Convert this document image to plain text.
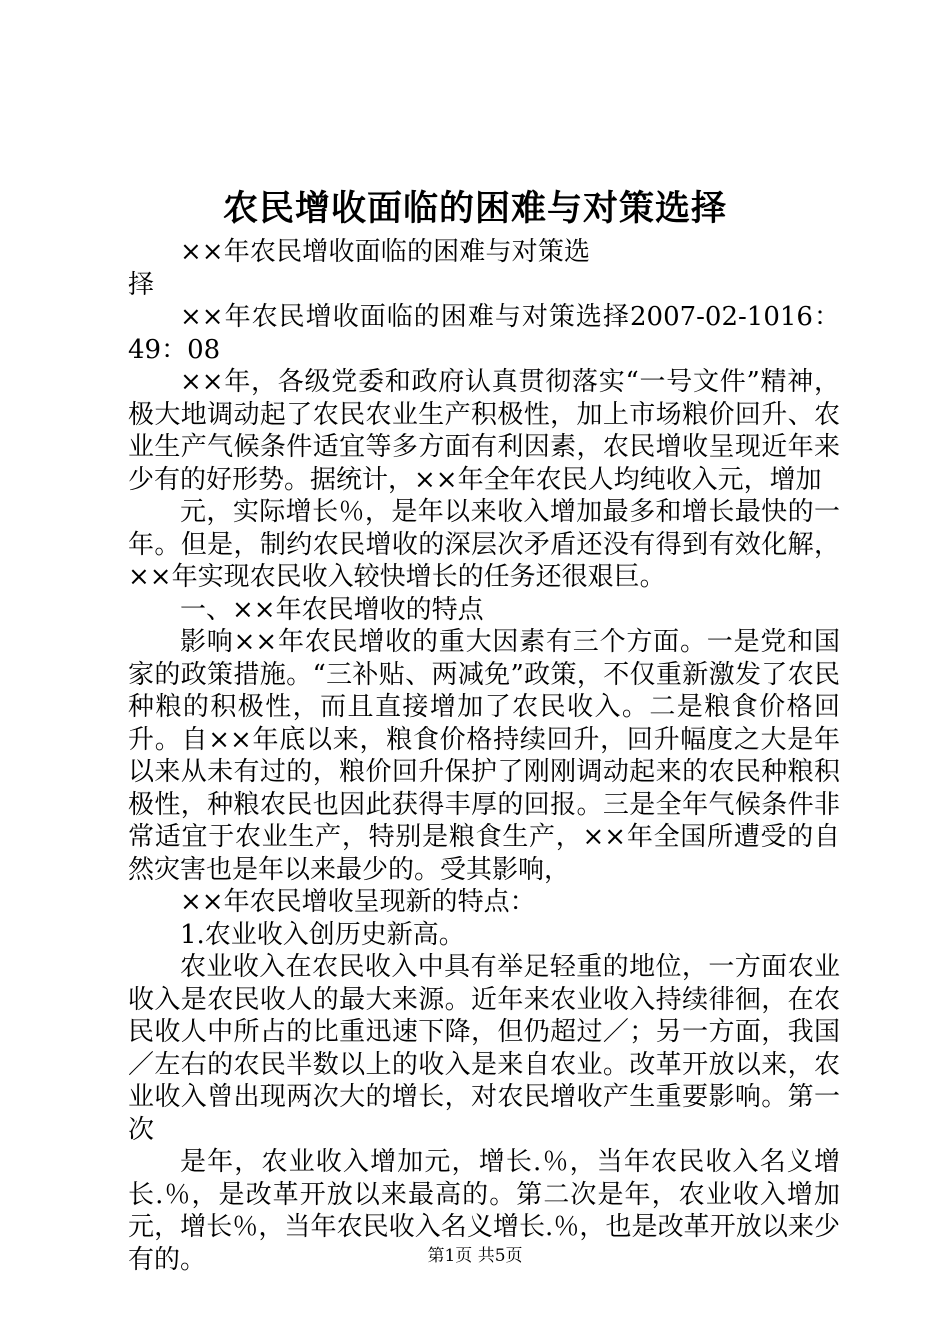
农民增收面临的困难与对策选择

××年农民增收面临的困难与对策选择

××年农民增收面临的困难与对策选择2007-02-1016：49：08

××年，各级党委和政府认真贯彻落实“一号文件”精神，极大地调动起了农民农业生产积极性，加上市场粮价回升、农业生产气候条件适宜等多方面有利因素，农民增收呈现近年来少有的好形势。据统计，××年全年农民人均纯收入元，增加

元，实际增长％，是年以来收入增加最多和增长最快的一年。但是，制约农民增收的深层次矛盾还没有得到有效化解，××年实现农民收入较快增长的任务还很艰巨。

一、××年农民增收的特点

影响××年农民增收的重大因素有三个方面。一是党和国家的政策措施。“三补贴、两减免”政策，不仅重新激发了农民种粮的积极性，而且直接增加了农民收入。二是粮食价格回升。自××年底以来，粮食价格持续回升，回升幅度之大是年以来从未有过的，粮价回升保护了刚刚调动起来的农民种粮积极性，种粮农民也因此获得丰厚的回报。三是全年气候条件非常适宜于农业生产，特别是粮食生产，××年全国所遭受的自然灾害也是年以来最少的。受其影响，

××年农民增收呈现新的特点：

1.农业收入创历史新高。

农业收入在农民收入中具有举足轻重的地位，一方面农业收入是农民收人的最大来源。近年来农业收入持续徘徊，在农民收人中所占的比重迅速下降，但仍超过／；另一方面，我国／左右的农民半数以上的收入是来自农业。改革开放以来，农业收入曾出现两次大的增长，对农民增收产生重要影响。第一次

是年，农业收入增加元，增长.％，当年农民收入名义增长.％，是改革开放以来最高的。第二次是年，农业收入增加元，增长％，当年农民收入名义增长.％，也是改革开放以来少有的。	第1页 共5页
